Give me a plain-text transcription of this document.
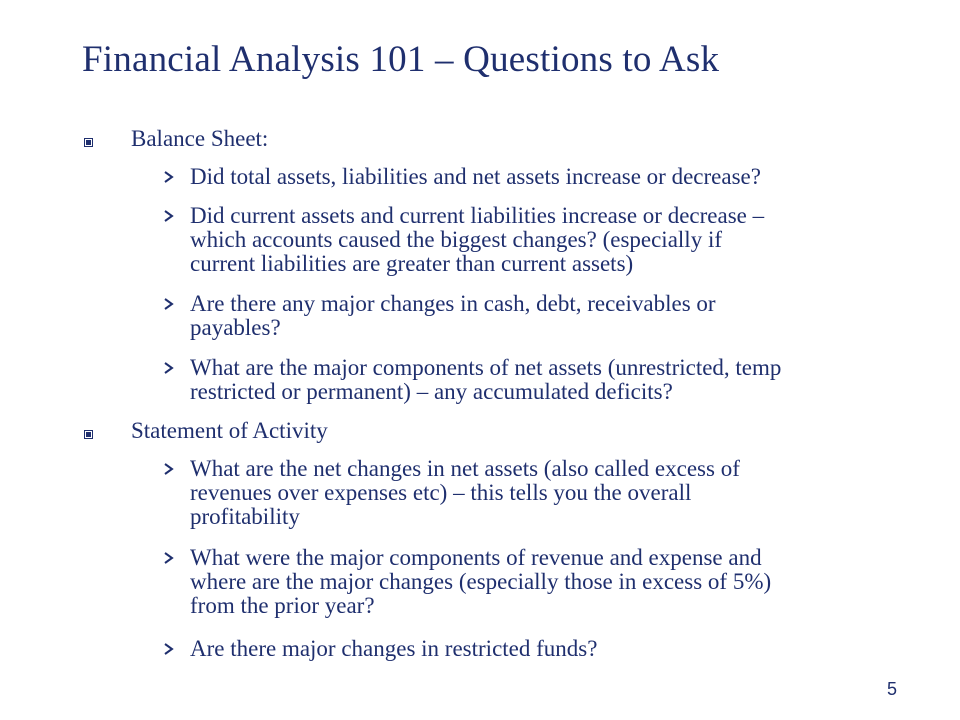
Financial Analysis 101 – Questions to Ask
Balance Sheet:
Did total assets, liabilities and net assets increase or decrease?
Did current assets and current liabilities increase or decrease –
which accounts caused the biggest changes? (especially if
current liabilities are greater than current assets)
Are there any major changes in cash, debt, receivables or
payables?
What are the major components of net assets (unrestricted, temp
restricted or permanent) – any accumulated deficits?
Statement of Activity
What are the net changes in net assets (also called excess of
revenues over expenses etc) – this tells you the overall
profitability
What were the major components of revenue and expense and
where are the major changes (especially those in excess of 5%)
from the prior year?
Are there major changes in restricted funds?
5
